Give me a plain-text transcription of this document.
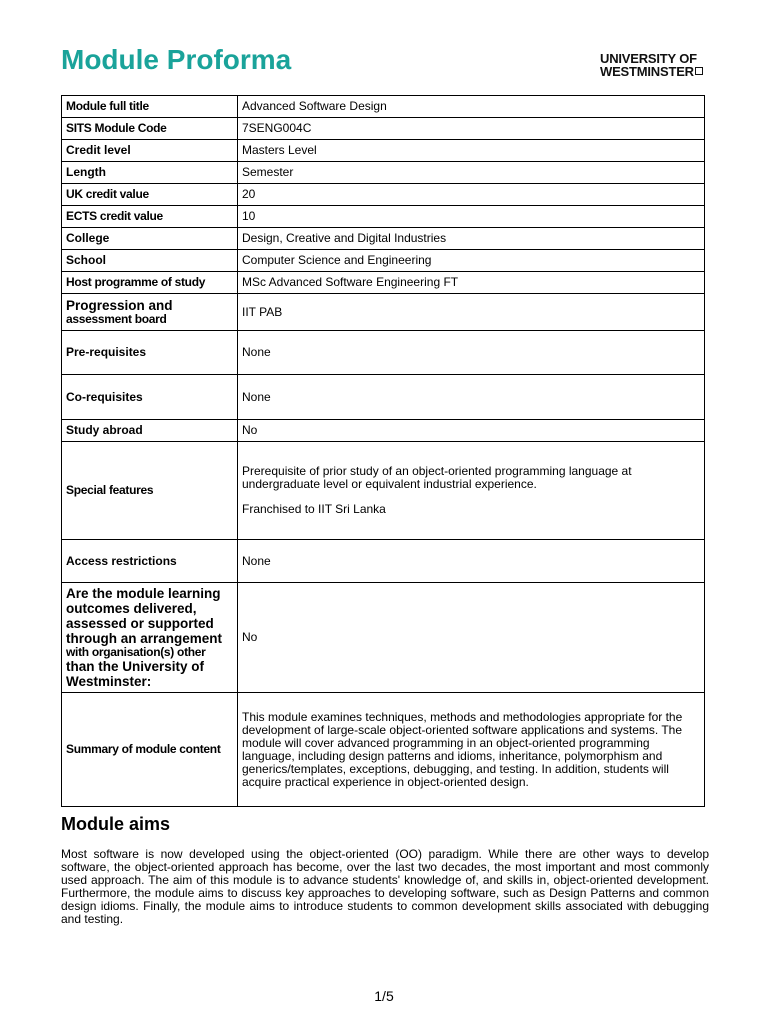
Module Proforma	UNIVERSITY OF
WESTMINSTER
Module full title	Advanced Software Design
SITS Module Code	7SENG004C
Credit level	Masters Level
Length	Semester
UK credit value	20
ECTS credit value	10
College	Design, Creative and Digital Industries
School	Computer Science and Engineering
Host programme of study	MSc Advanced Software Engineering FT

Progression and
assessment board	IIT PAB
Pre-requisites	None
Co-requisites	None
Study abroad	No
Special features	Prerequisite of prior study of an object-oriented programming language at undergraduate level or equivalent industrial experience.

Franchised to IIT Sri Lanka

Access restrictions	None

Are the module learning outcomes delivered, assessed or supported through an arrangement
with organisation(s) other
than the University of Westminster:	No
Summary of module content	This module examines techniques, methods and methodologies appropriate for the development of large-scale object-oriented software applications and systems. The module will cover advanced programming in an object-oriented programming language, including design patterns and idioms, inheritance, polymorphism and generics/templates, exceptions, debugging, and testing. In addition, students will acquire practical experience in object-oriented design.
Module aims

Most software is now developed using the object-oriented (OO) paradigm. While there are other ways to develop software, the object-oriented approach has become, over the last two decades, the most important and most commonly used approach. The aim of this module is to advance students' knowledge of, and skills in, object-oriented development. Furthermore, the module aims to discuss key approaches to developing software, such as Design Patterns and common design idioms. Finally, the module aims to introduce students to common development skills associated with debugging and testing.

1/5
